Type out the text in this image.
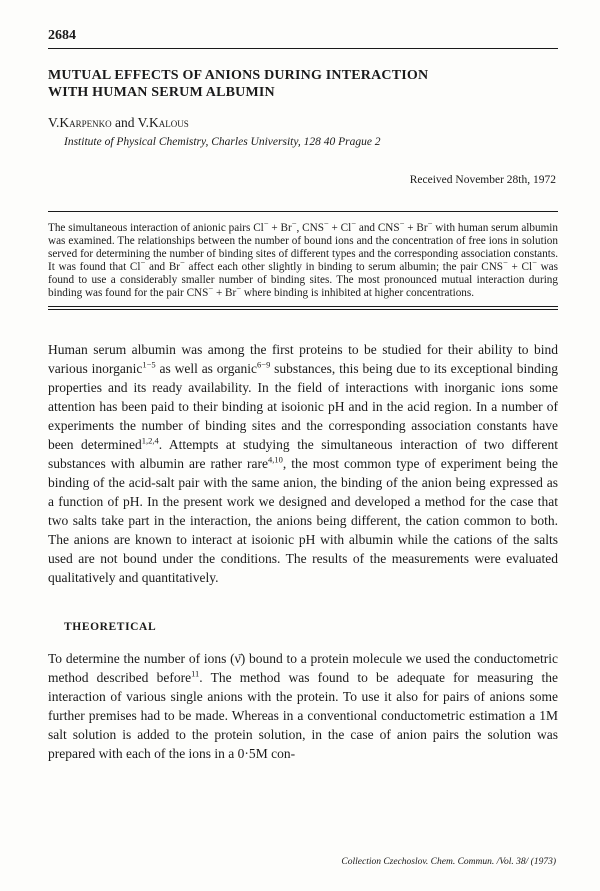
2684
MUTUAL EFFECTS OF ANIONS DURING INTERACTION WITH HUMAN SERUM ALBUMIN
V.Karpenko and V.Kalous
Institute of Physical Chemistry, Charles University, 128 40 Prague 2
Received November 28th, 1972
The simultaneous interaction of anionic pairs Cl− + Br−, CNS− + Cl− and CNS− + Br− with human serum albumin was examined. The relationships between the number of bound ions and the concentration of free ions in solution served for determining the number of binding sites of different types and the corresponding association constants. It was found that Cl− and Br− affect each other slightly in binding to serum albumin; the pair CNS− + Cl− was found to use a considerably smaller number of binding sites. The most pronounced mutual interaction during binding was found for the pair CNS− + Br− where binding is inhibited at higher concentrations.
Human serum albumin was among the first proteins to be studied for their ability to bind various inorganic$^{1-5}$ as well as organic$^{6-9}$ substances, this being due to its exceptional binding properties and its ready availability. In the field of interactions with inorganic ions some attention has been paid to their binding at isoionic pH and in the acid region. In a number of experiments the number of binding sites and the corresponding association constants have been determined$^{1,2,4}$. Attempts at studying the simultaneous interaction of two different substances with albumin are rather rare$^{4,10}$, the most common type of experiment being the binding of the acid-salt pair with the same anion, the binding of the anion being expressed as a function of pH. In the present work we designed and developed a method for the case that two salts take part in the interaction, the anions being different, the cation common to both. The anions are known to interact at isoionic pH with albumin while the cations of the salts used are not bound under the conditions. The results of the measurements were evaluated qualitatively and quantitatively.
THEORETICAL
To determine the number of ions (ν̄) bound to a protein molecule we used the conductometric method described before$^{11}$. The method was found to be adequate for measuring the interaction of various single anions with the protein. To use it also for pairs of anions some further premises had to be made. Whereas in a conventional conductometric estimation a 1M salt solution is added to the protein solution, in the case of anion pairs the solution was prepared with each of the ions in a 0·5M con-
Collection Czechoslov. Chem. Commun. /Vol. 38/ (1973)
